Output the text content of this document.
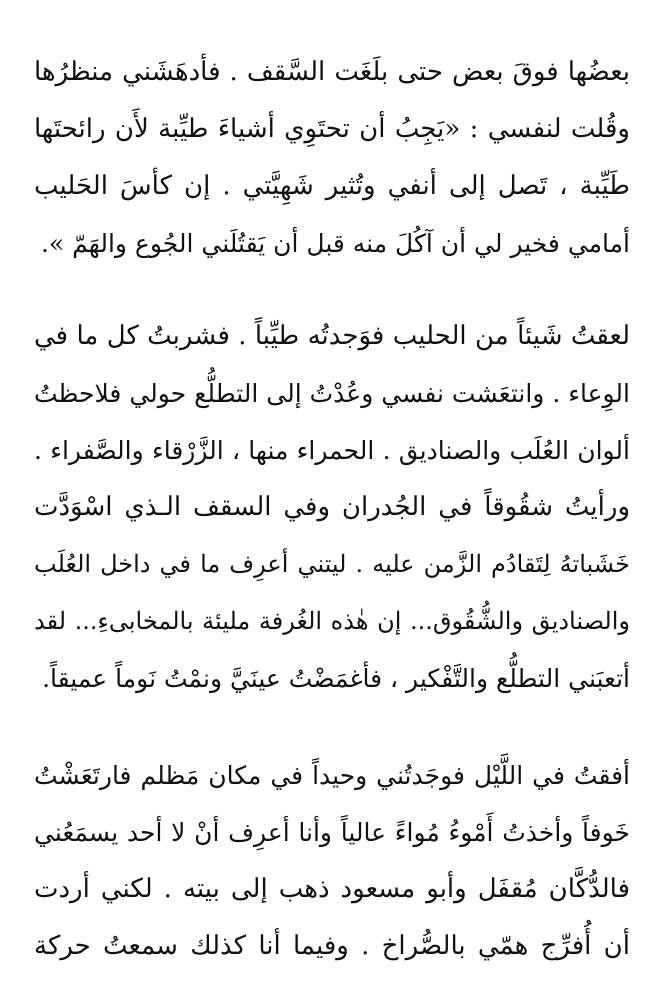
بعضُها فوقَ بعض حتى بلَغَت السَّقف . فأدهَشَني منظرُها
وقُلت لنفسي : «يَجِبُ أن تحتَوِي أشياءَ طيِّبة لأَن رائحتَها
طَيِّبة ، تَصل إلى أنفي وتُثير شَهِيَّتي . إن كأسَ الحَليب
أمامي فخير لي أن آكُلَ منه قبل أن يَقتُلَني الجُوع والهَمّ ».
لعقتُ شَيئاً من الحليب فوَجدتُه طيِّباً . فشربتُ كل ما في
الوِعاء . وانتعَشت نفسي وعُدْتُ إلى التطلُّع حولي فلاحظتُ
ألوان العُلَب والصناديق . الحمراء منها ، الزَّرْقاء والصَّفراء .
ورأيتُ شقُوقاً في الجُدران وفي السقف الـذي اسْوَدَّت
خَشَباتهُ لِتَقادُم الزَّمن عليه . ليتني أعرِف ما في داخل العُلَب
والصناديق والشُّقُوق... إن هٰذه الغُرفة مليئة بالمخابىءِ... لقد
أتعبَني التطلُّع والتَّفْكير ، فأغمَضْتُ عينَيَّ ونمْتُ نَوماً عميقاً.
أفقتُ في اللَّيْل فوجَدتُني وحيداً في مكان مَظلم فارتَعَشْتُ
خَوفاً وأخذتُ أَمْوءُ مُواءً عالياً وأنا أعرِف أنْ لا أحد يسمَعُني
فالدُّكَّان مُقفَل وأبو مسعود ذهب إلى بيته . لكني أردت
أن أُفرِّج همّي بالصُّراخ . وفيما أنا كذلك سمعتُ حركة
